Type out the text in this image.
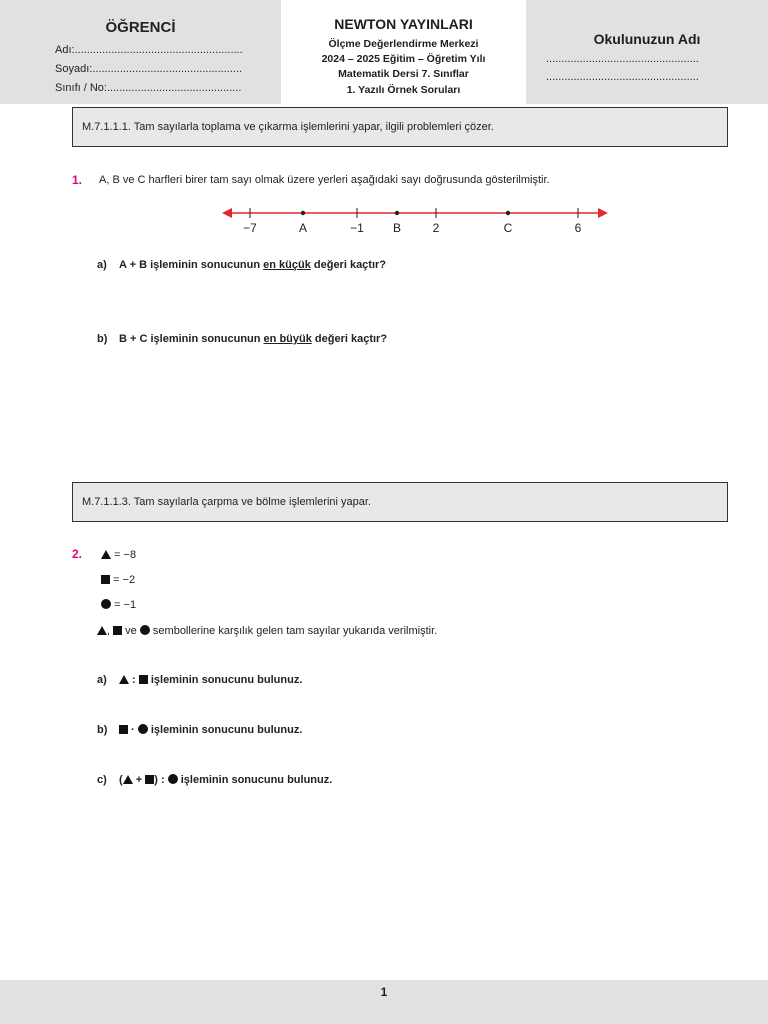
ÖĞRENCİ
Adı:.......................................................
Soyadı:.................................................
Sınıfı / No:............................................
NEWTON YAYINLARI
Ölçme Değerlendirme Merkezi
2024 – 2025 Eğitim – Öğretim Yılı
Matematik Dersi 7. Sınıflar
1. Yazılı Örnek Soruları
Okulunuzun Adı
..................................................
..................................................
M.7.1.1.1. Tam sayılarla toplama ve çıkarma işlemlerini yapar, ilgili problemleri çözer.
1. A, B ve C harfleri birer tam sayı olmak üzere yerleri aşağıdaki sayı doğrusunda gösterilmiştir.
−7	A	−1 B	2	C	6
a) A + B işleminin sonucunun en küçük değeri kaçtır?
b) B + C işleminin sonucunun en büyük değeri kaçtır?
M.7.1.1.3. Tam sayılarla çarpma ve bölme işlemlerini yapar.
2.	= −8
= −2
= −1
,  ve  sembollerine karşılık gelen tam sayılar yukarıda verilmiştir.
a) :  işleminin sonucunu bulunuz.
b) ·  işleminin sonucunu bulunuz.
c) ( + ) :  işleminin sonucunu bulunuz.
1
